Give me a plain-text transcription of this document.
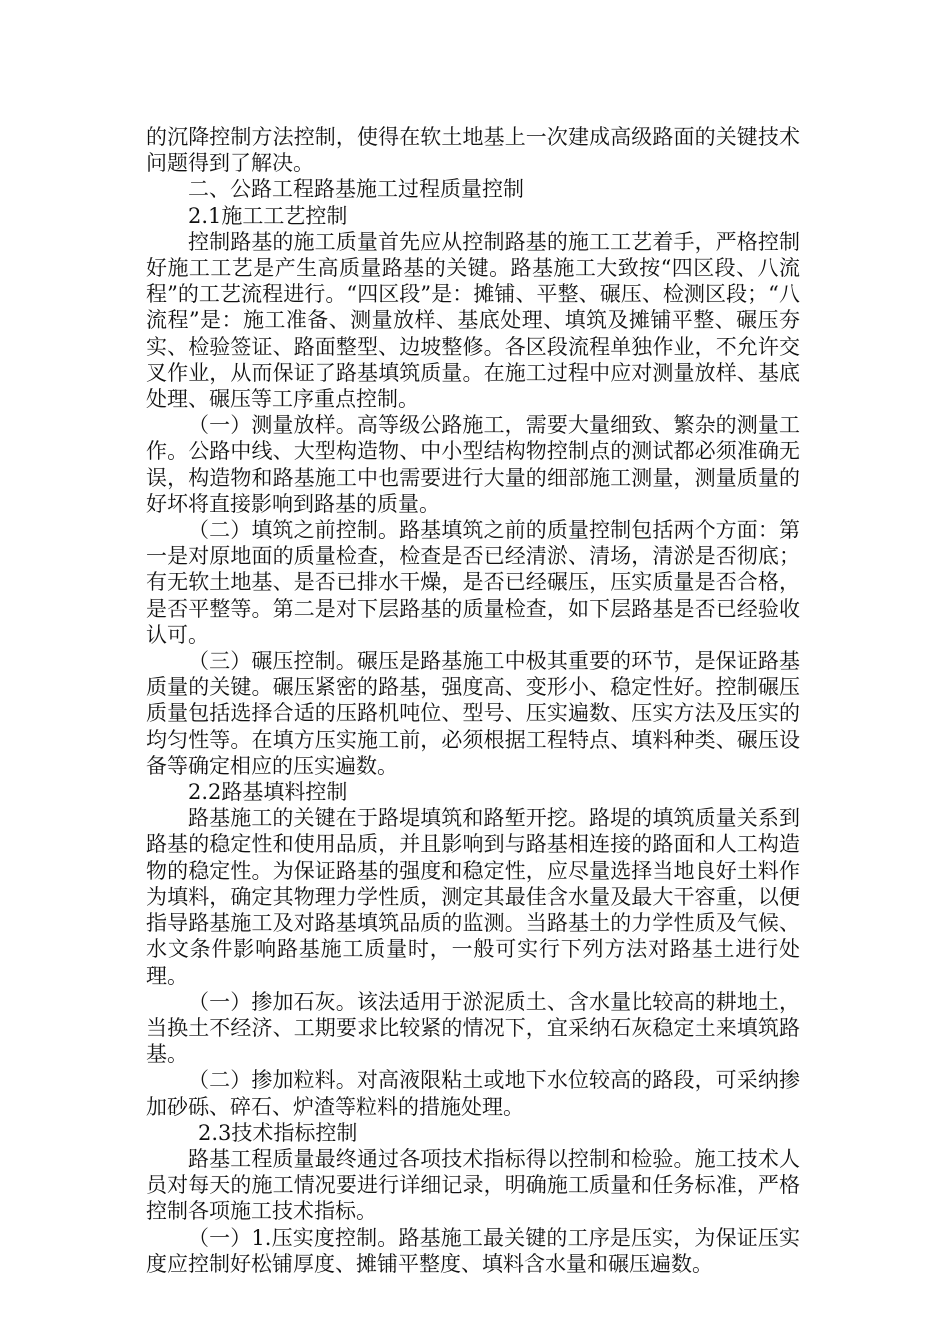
的沉降控制方法控制，使得在软土地基上一次建成高级路面的关键技术问题得到了解决。

二、公路工程路基施工过程质量控制

2.1施工工艺控制

控制路基的施工质量首先应从控制路基的施工工艺着手，严格控制好施工工艺是产生高质量路基的关键。路基施工大致按“四区段、八流程”的工艺流程进行。“四区段”是：摊铺、平整、碾压、检测区段；“八流程”是：施工准备、测量放样、基底处理、填筑及摊铺平整、碾压夯实、检验签证、路面整型、边坡整修。各区段流程单独作业，不允许交叉作业，从而保证了路基填筑质量。在施工过程中应对测量放样、基底处理、碾压等工序重点控制。

（一）测量放样。高等级公路施工，需要大量细致、繁杂的测量工作。公路中线、大型构造物、中小型结构物控制点的测试都必须准确无误，构造物和路基施工中也需要进行大量的细部施工测量，测量质量的好坏将直接影响到路基的质量。

（二）填筑之前控制。路基填筑之前的质量控制包括两个方面：第一是对原地面的质量检查，检查是否已经清淤、清场，清淤是否彻底；有无软土地基、是否已排水干燥，是否已经碾压，压实质量是否合格，是否平整等。第二是对下层路基的质量检查，如下层路基是否已经验收认可。

（三）碾压控制。碾压是路基施工中极其重要的环节，是保证路基质量的关键。碾压紧密的路基，强度高、变形小、稳定性好。控制碾压质量包括选择合适的压路机吨位、型号、压实遍数、压实方法及压实的均匀性等。在填方压实施工前，必须根据工程特点、填料种类、碾压设备等确定相应的压实遍数。

2.2路基填料控制

路基施工的关键在于路堤填筑和路堑开挖。路堤的填筑质量关系到路基的稳定性和使用品质，并且影响到与路基相连接的路面和人工构造物的稳定性。为保证路基的强度和稳定性，应尽量选择当地良好土料作为填料，确定其物理力学性质，测定其最佳含水量及最大干容重，以便指导路基施工及对路基填筑品质的监测。当路基土的力学性质及气候、水文条件影响路基施工质量时，一般可实行下列方法对路基土进行处理。

（一）掺加石灰。该法适用于淤泥质土、含水量比较高的耕地土，当换土不经济、工期要求比较紧的情况下，宜采纳石灰稳定土来填筑路基。

（二）掺加粒料。对高液限粘土或地下水位较高的路段，可采纳掺加砂砾、碎石、炉渣等粒料的措施处理。

2.3技术指标控制

路基工程质量最终通过各项技术指标得以控制和检验。施工技术人员对每天的施工情况要进行详细记录，明确施工质量和任务标准，严格控制各项施工技术指标。

（一）1.压实度控制。路基施工最关键的工序是压实，为保证压实度应控制好松铺厚度、摊铺平整度、填料含水量和碾压遍数。
